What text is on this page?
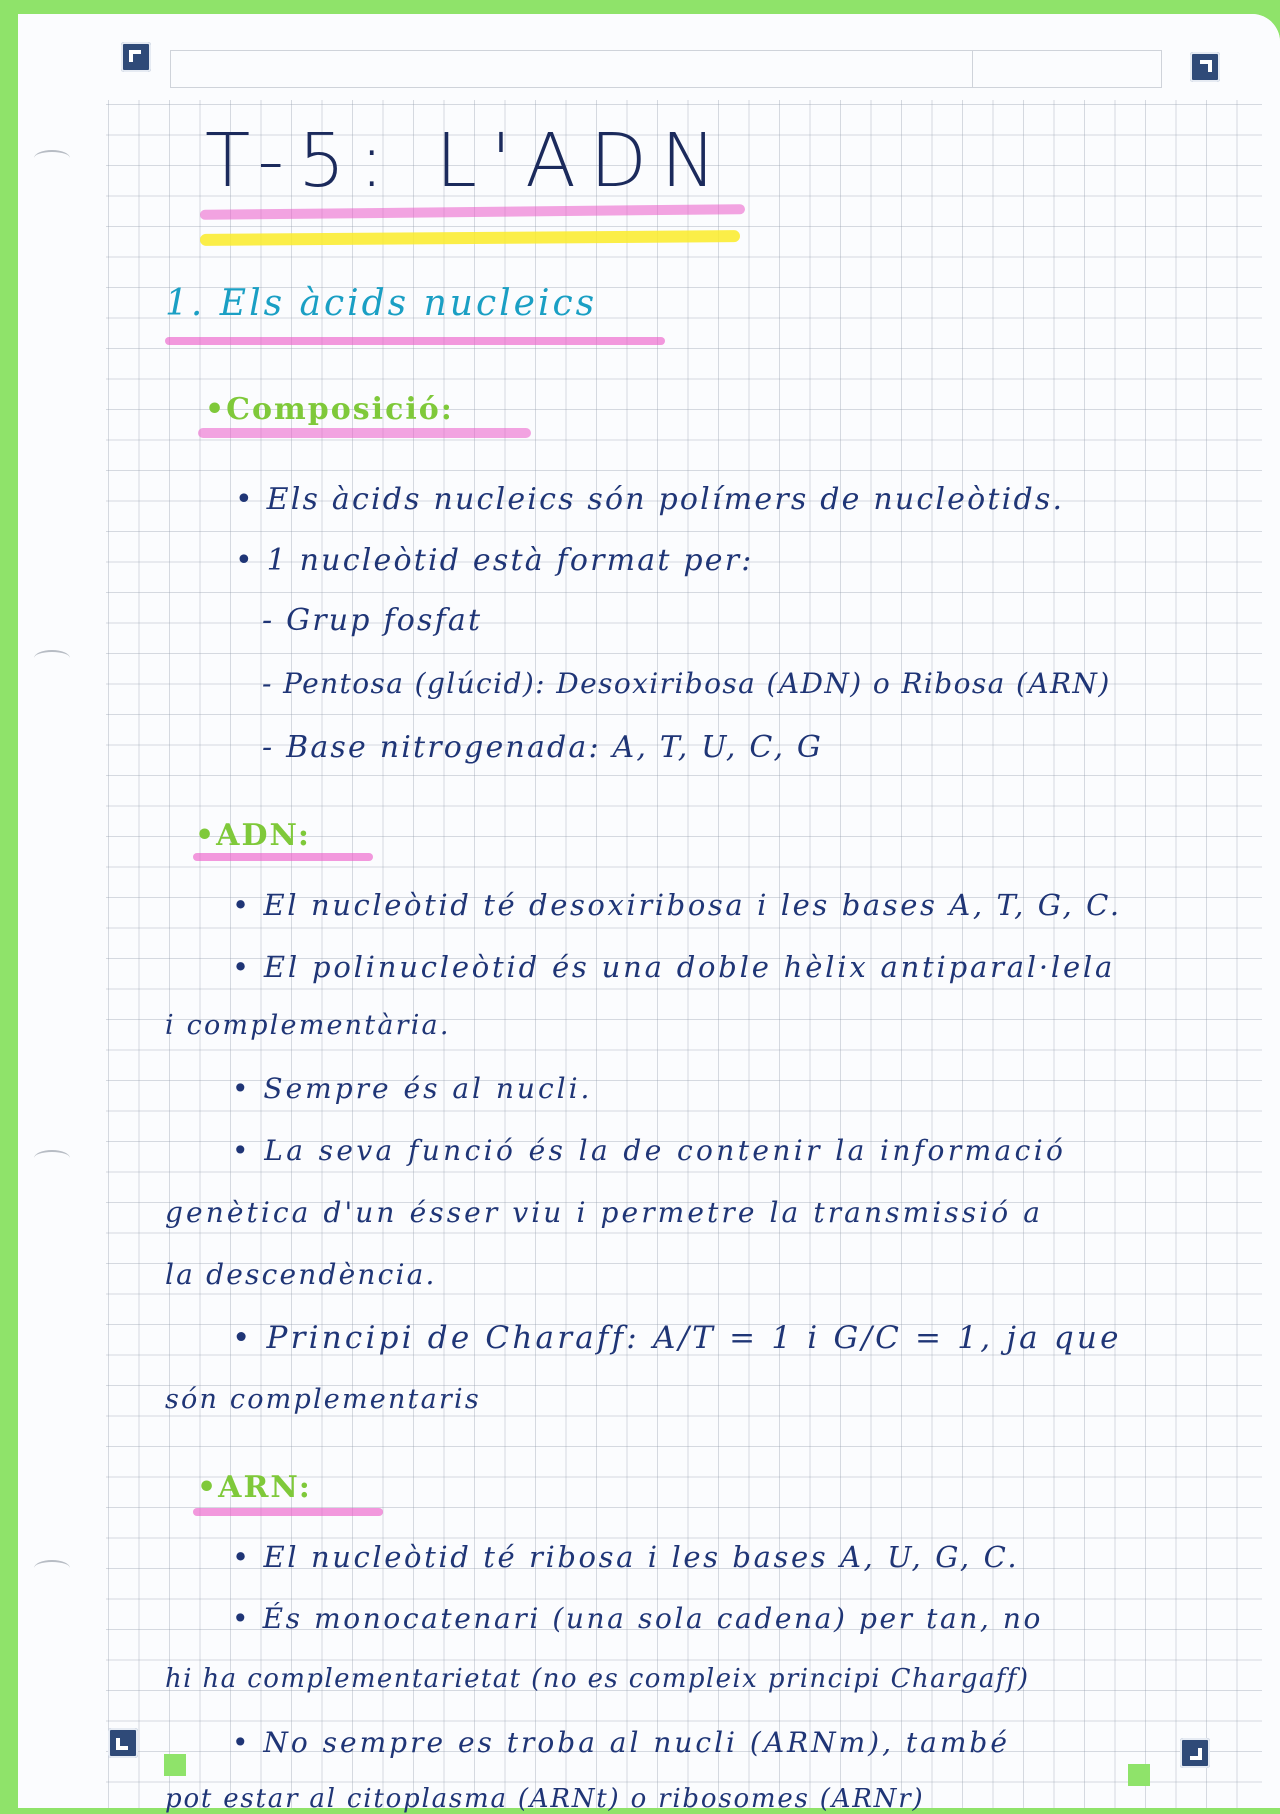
T-5: L'ADN
1. Els àcids nucleics
•Composició:
• Els àcids nucleics són polímers de nucleòtids.
• 1 nucleòtid està format per:
- Grup fosfat
- Pentosa (glúcid): Desoxiribosa (ADN) o Ribosa (ARN)
- Base nitrogenada: A, T, U, C, G
•ADN:
• El nucleòtid té desoxiribosa i les bases A, T, G, C.
• El polinucleòtid és una doble hèlix antiparal·lela
i complementària.
• Sempre és al nucli.
• La seva funció és la de contenir la informació
genètica d'un ésser viu i permetre la transmissió a
la descendència.
• Principi de Charaff: A/T = 1 i G/C = 1, ja que
són complementaris
•ARN:
• El nucleòtid té ribosa i les bases A, U, G, C.
• És monocatenari (una sola cadena) per tan, no
hi ha complementarietat (no es compleix principi Chargaff)
• No sempre es troba al nucli (ARNm), també
pot estar al citoplasma (ARNt) o ribosomes (ARNr)
